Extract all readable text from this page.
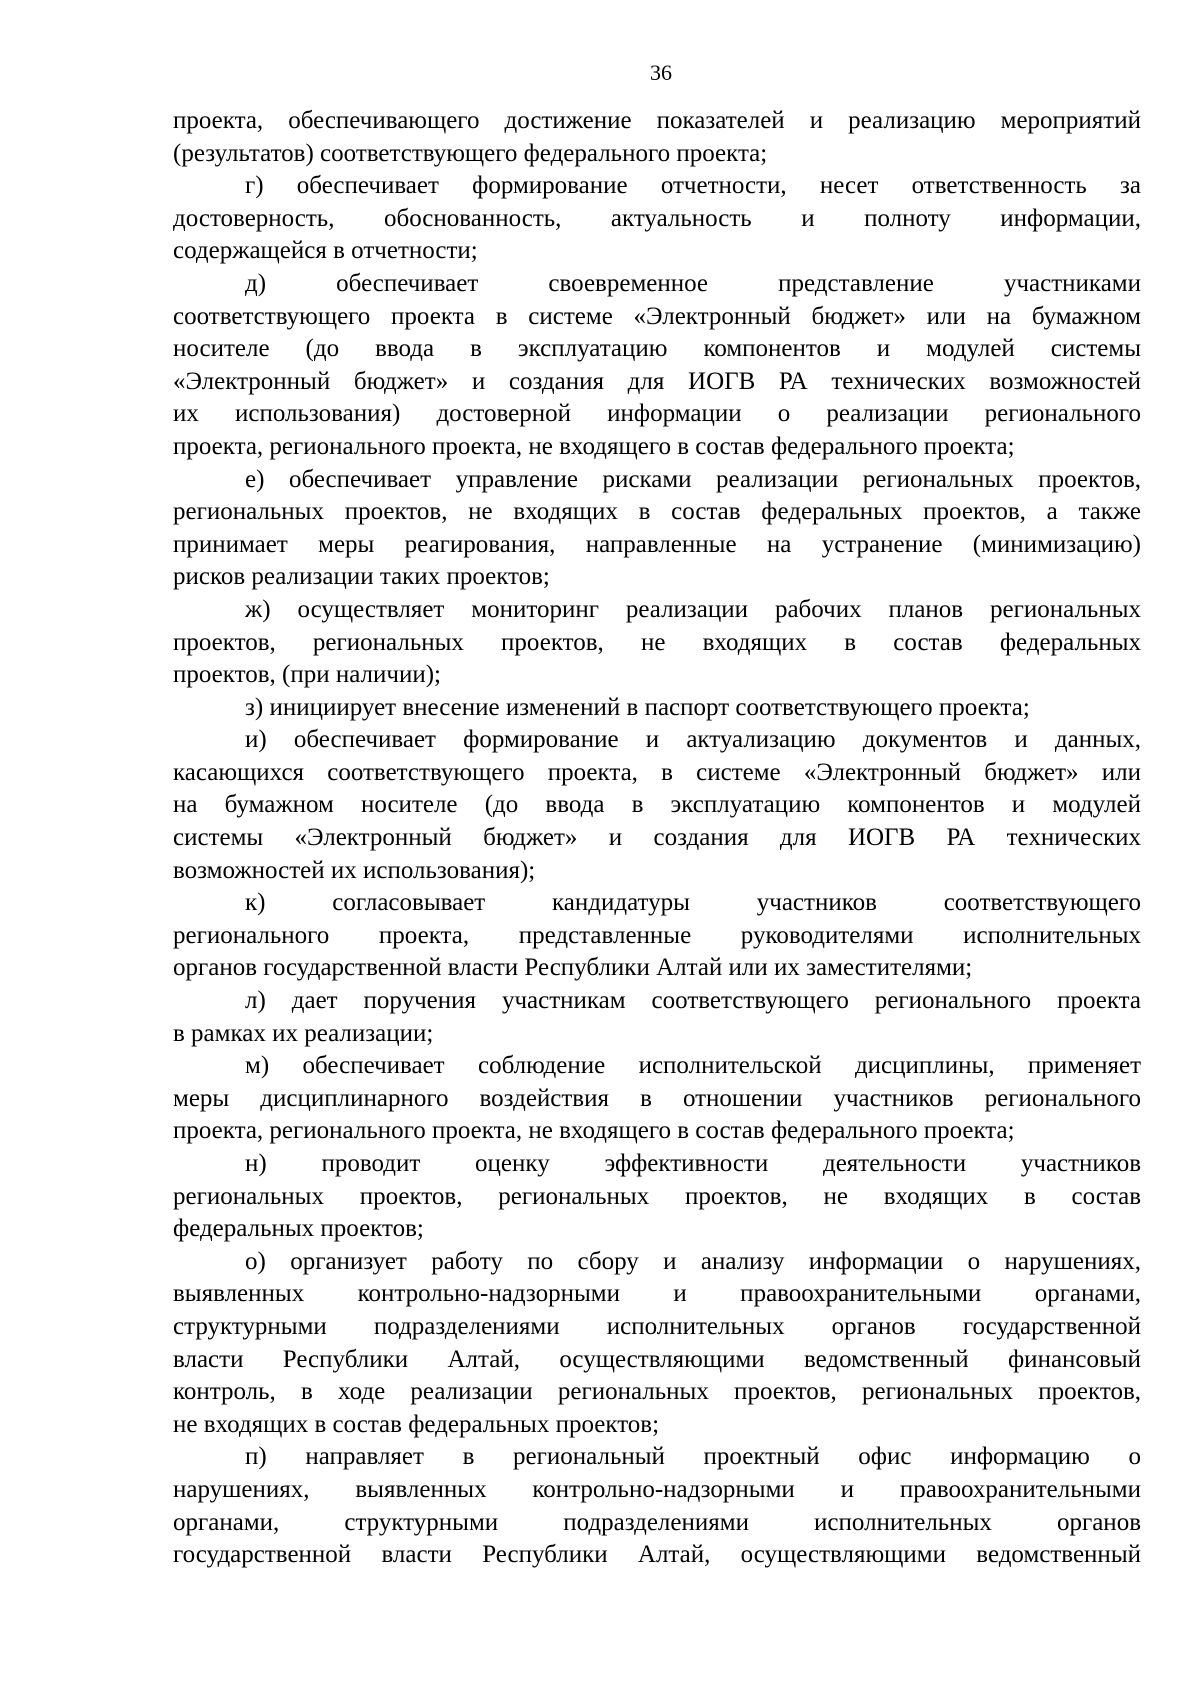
36
проекта, обеспечивающего достижение показателей и реализацию мероприятий
(результатов) соответствующего федерального проекта;
г) обеспечивает формирование отчетности, несет ответственность за
достоверность, обоснованность, актуальность и полноту информации,
содержащейся в отчетности;
д) обеспечивает своевременное представление участниками
соответствующего проекта в системе «Электронный бюджет» или на бумажном
носителе (до ввода в эксплуатацию компонентов и модулей системы
«Электронный бюджет» и создания для ИОГВ РА технических возможностей
их использования) достоверной информации о реализации регионального
проекта, регионального проекта, не входящего в состав федерального проекта;
е) обеспечивает управление рисками реализации региональных проектов,
региональных проектов, не входящих в состав федеральных проектов, а также
принимает меры реагирования, направленные на устранение (минимизацию)
рисков реализации таких проектов;
ж) осуществляет мониторинг реализации рабочих планов региональных
проектов, региональных проектов, не входящих в состав федеральных
проектов, (при наличии);
з) инициирует внесение изменений в паспорт соответствующего проекта;
и) обеспечивает формирование и актуализацию документов и данных,
касающихся соответствующего проекта, в системе «Электронный бюджет» или
на бумажном носителе (до ввода в эксплуатацию компонентов и модулей
системы «Электронный бюджет» и создания для ИОГВ РА технических
возможностей их использования);
к) согласовывает кандидатуры участников соответствующего
регионального проекта, представленные руководителями исполнительных
органов государственной власти Республики Алтай или их заместителями;
л) дает поручения участникам соответствующего регионального проекта
в рамках их реализации;
м) обеспечивает соблюдение исполнительской дисциплины, применяет
меры дисциплинарного воздействия в отношении участников регионального
проекта, регионального проекта, не входящего в состав федерального проекта;
н) проводит оценку эффективности деятельности участников
региональных проектов, региональных проектов, не входящих в состав
федеральных проектов;
о) организует работу по сбору и анализу информации о нарушениях,
выявленных контрольно-надзорными и правоохранительными органами,
структурными подразделениями исполнительных органов государственной
власти Республики Алтай, осуществляющими ведомственный финансовый
контроль, в ходе реализации региональных проектов, региональных проектов,
не входящих в состав федеральных проектов;
п) направляет в региональный проектный офис информацию о
нарушениях, выявленных контрольно-надзорными и правоохранительными
органами, структурными подразделениями исполнительных органов
государственной власти Республики Алтай, осуществляющими ведомственный
